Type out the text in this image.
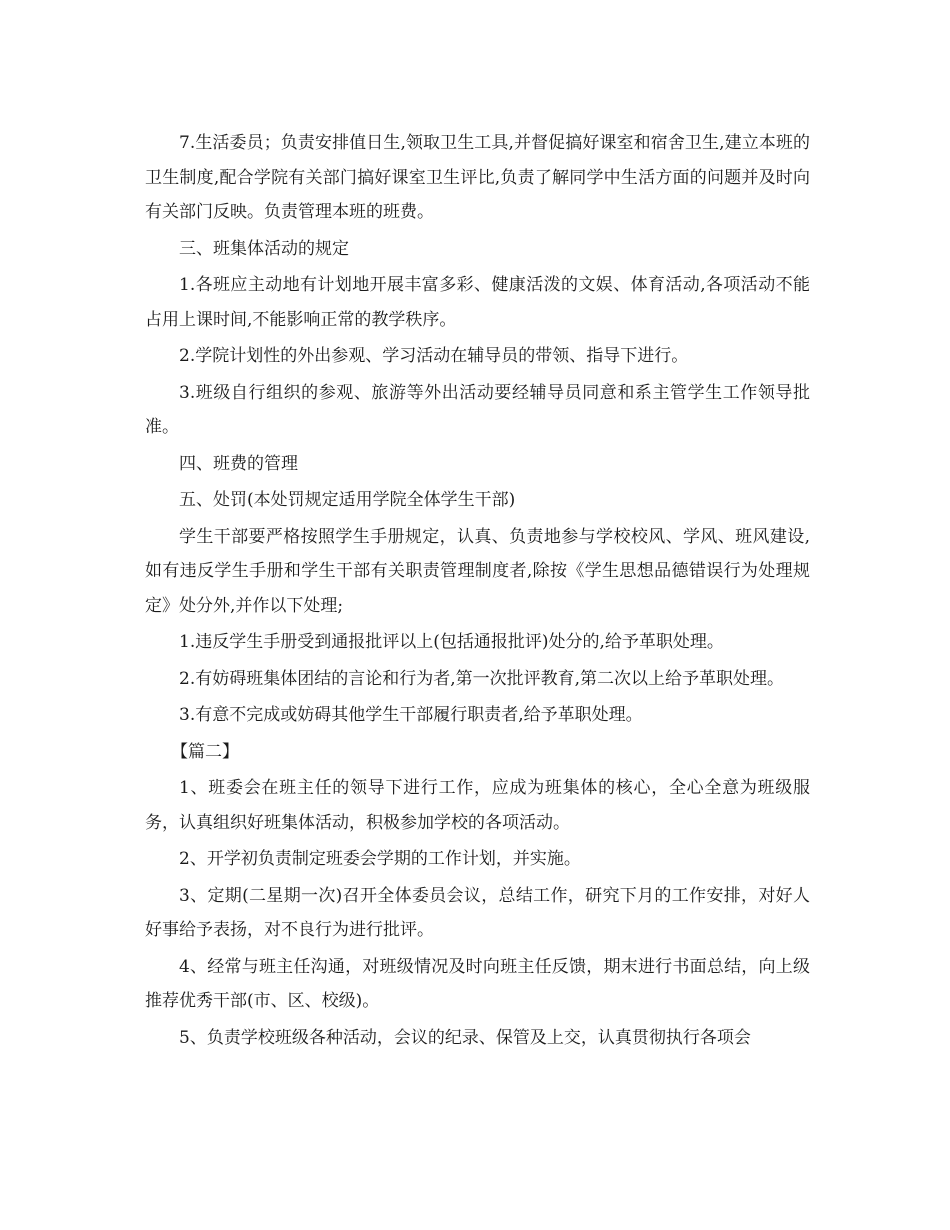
7.生活委员；负责安排值日生,领取卫生工具,并督促搞好课室和宿舍卫生,建立本班的卫生制度,配合学院有关部门搞好课室卫生评比,负责了解同学中生活方面的问题并及时向有关部门反映。负责管理本班的班费。

三、班集体活动的规定

1.各班应主动地有计划地开展丰富多彩、健康活泼的文娱、体育活动,各项活动不能占用上课时间,不能影响正常的教学秩序。

2.学院计划性的外出参观、学习活动在辅导员的带领、指导下进行。

3.班级自行组织的参观、旅游等外出活动要经辅导员同意和系主管学生工作领导批准。

四、班费的管理

五、处罚(本处罚规定适用学院全体学生干部)

学生干部要严格按照学生手册规定，认真、负责地参与学校校风、学风、班风建设,如有违反学生手册和学生干部有关职责管理制度者,除按《学生思想品德错误行为处理规定》处分外,并作以下处理;

1.违反学生手册受到通报批评以上(包括通报批评)处分的,给予革职处理。

2.有妨碍班集体团结的言论和行为者,第一次批评教育,第二次以上给予革职处理。

3.有意不完成或妨碍其他学生干部履行职责者,给予革职处理。

【篇二】

1、班委会在班主任的领导下进行工作，应成为班集体的核心，全心全意为班级服务，认真组织好班集体活动，积极参加学校的各项活动。

2、开学初负责制定班委会学期的工作计划，并实施。

3、定期(二星期一次)召开全体委员会议，总结工作，研究下月的工作安排，对好人好事给予表扬，对不良行为进行批评。

4、经常与班主任沟通，对班级情况及时向班主任反馈，期末进行书面总结，向上级推荐优秀干部(市、区、校级)。

5、负责学校班级各种活动，会议的纪录、保管及上交，认真贯彻执行各项会
